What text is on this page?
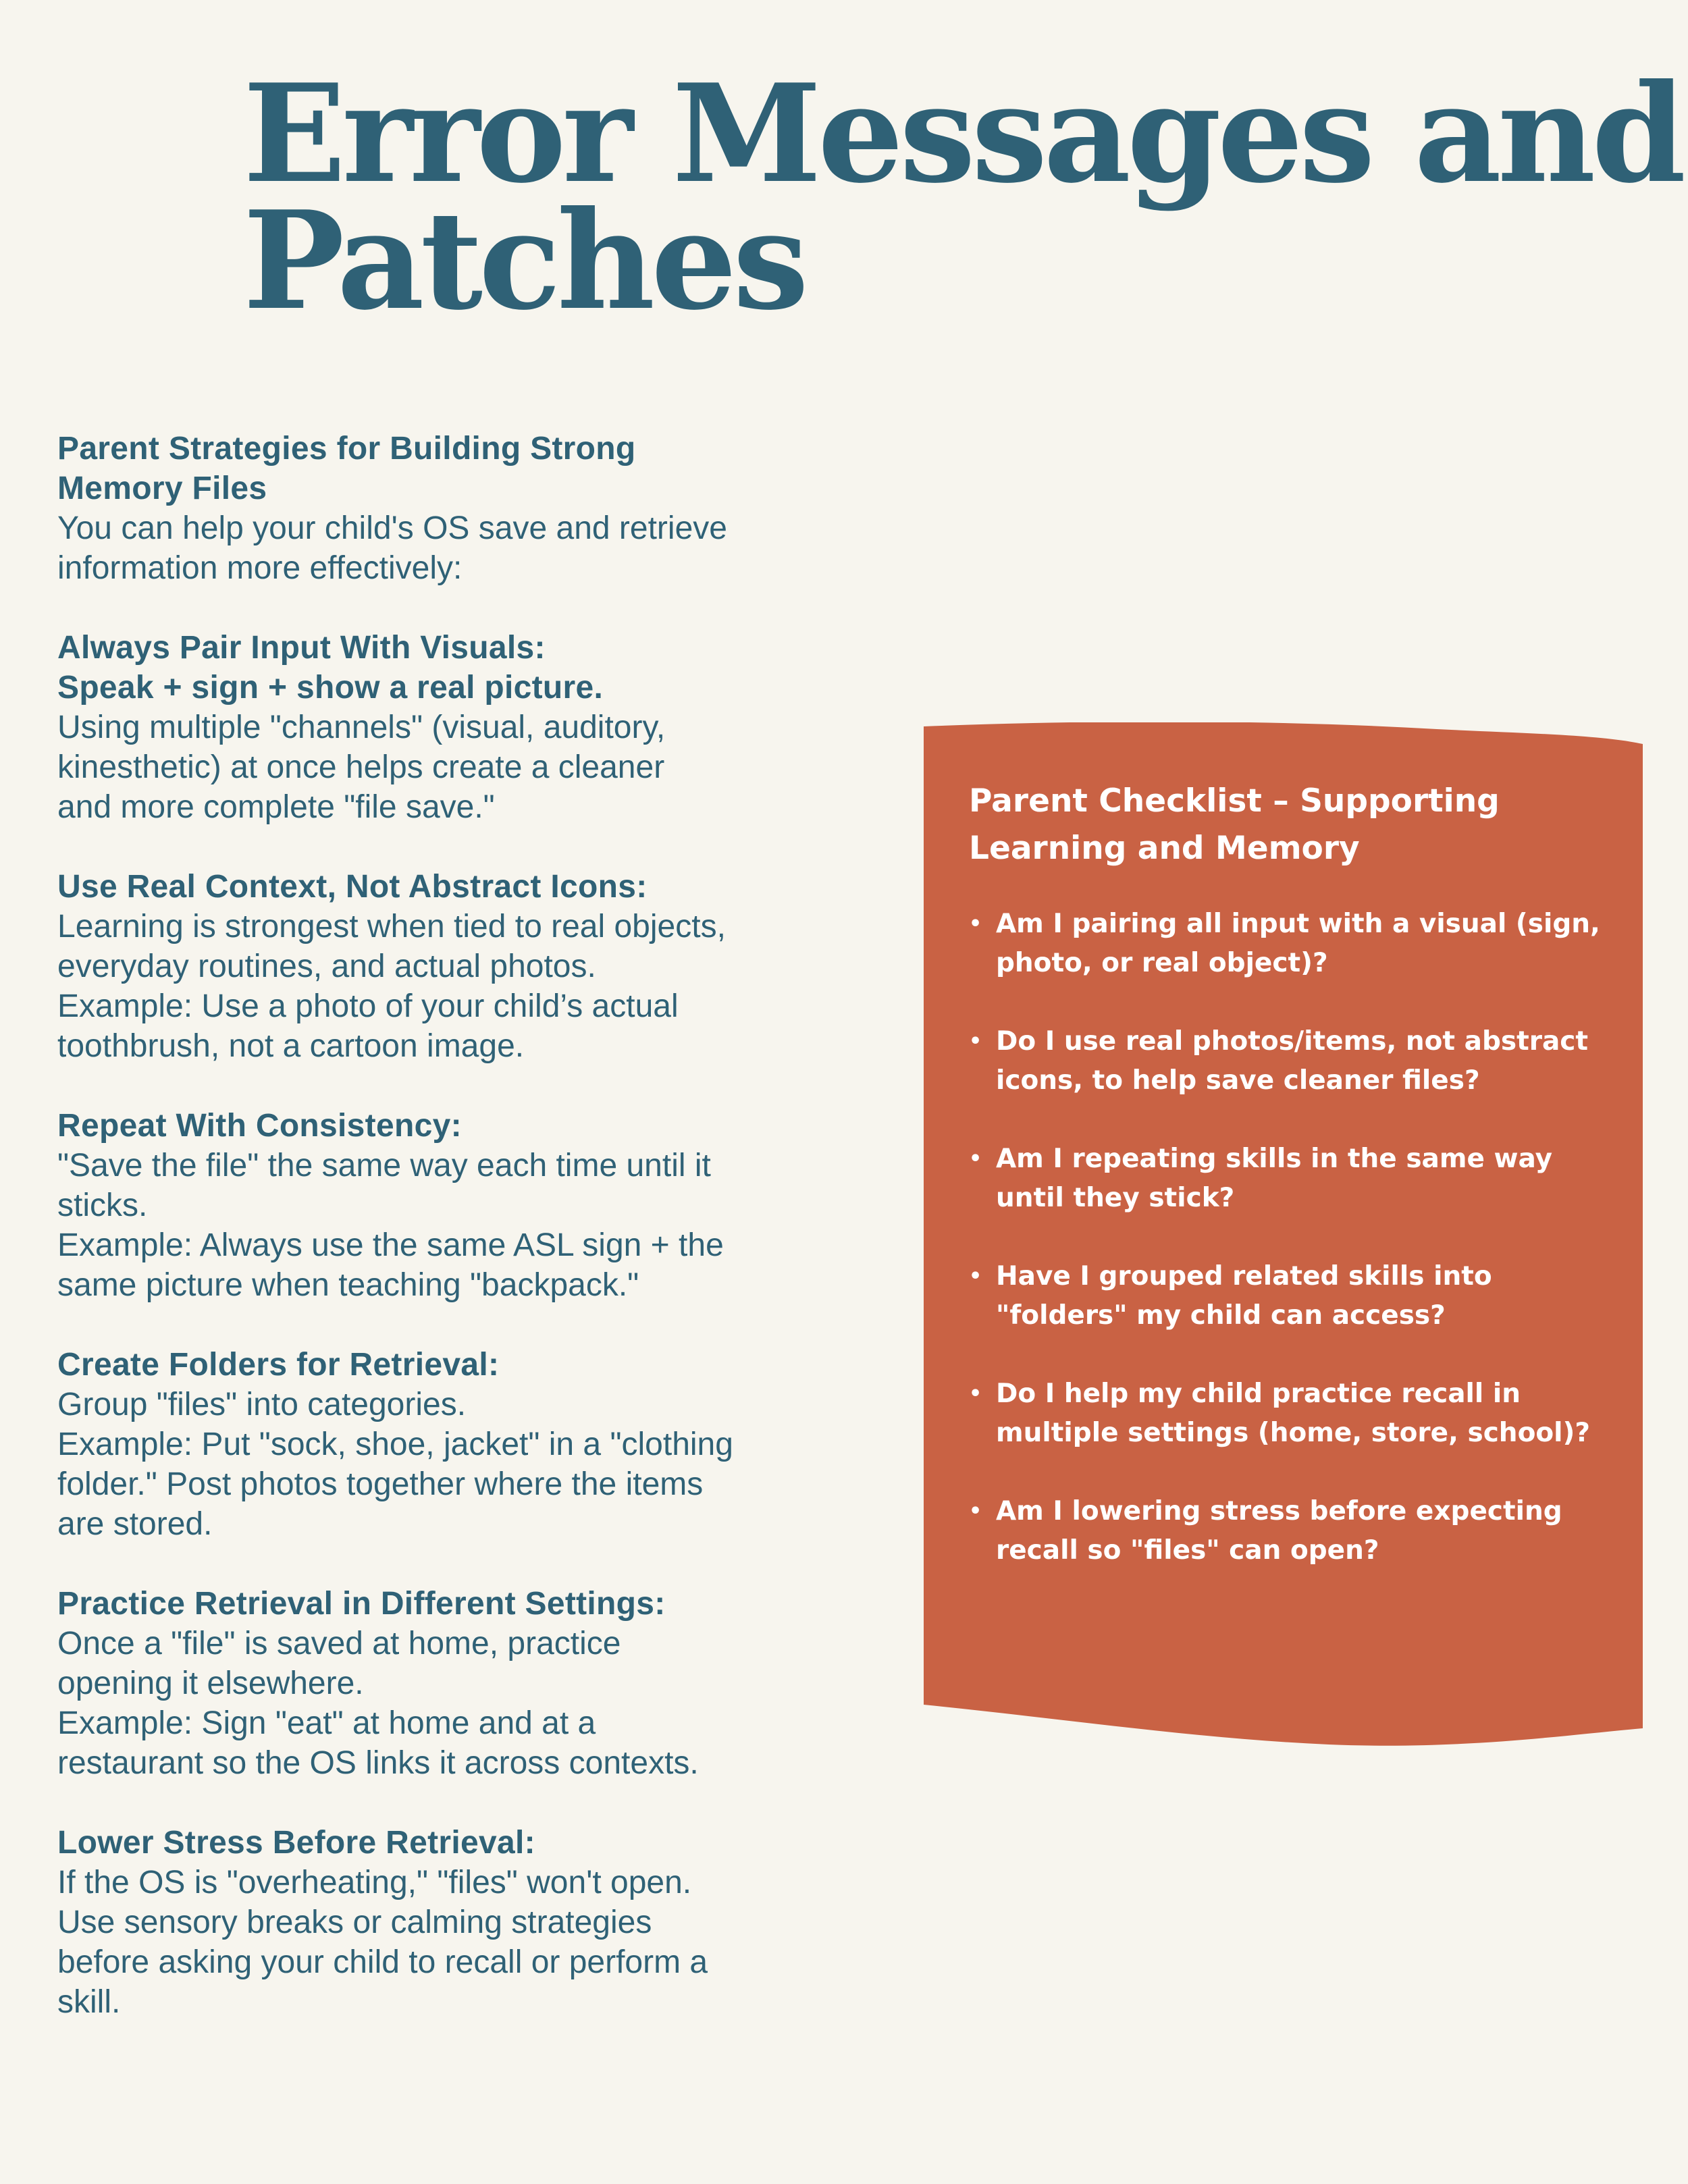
Error Messages and
Patches

Parent Strategies for Building Strong
Memory Files

You can help your child's OS save and retrieve
information more effectively:

Always Pair Input With Visuals:
Speak + sign + show a real picture.
Using multiple "channels" (visual, auditory,
kinesthetic) at once helps create a cleaner
and more complete "file save."
Use Real Context, Not Abstract Icons:
Learning is strongest when tied to real objects,
everyday routines, and actual photos.
Example: Use a photo of your child’s actual
toothbrush, not a cartoon image.
Repeat With Consistency:
"Save the file" the same way each time until it
sticks.
Example: Always use the same ASL sign + the
same picture when teaching "backpack."
Create Folders for Retrieval:
Group "files" into categories.
Example: Put "sock, shoe, jacket" in a "clothing
folder." Post photos together where the items
are stored.
Practice Retrieval in Different Settings:
Once a "file" is saved at home, practice
opening it elsewhere.
Example: Sign "eat" at home and at a
restaurant so the OS links it across contexts.
Lower Stress Before Retrieval:
If the OS is "overheating," "files" won't open.
Use sensory breaks or calming strategies
before asking your child to recall or perform a
skill.

Parent Checklist – Supporting
Learning and Memory

• Am I pairing all input with a visual (sign,
photo, or real object)?
• Do I use real photos/items, not abstract
icons, to help save cleaner files?
• Am I repeating skills in the same way
until they stick?
• Have I grouped related skills into
"folders" my child can access?
• Do I help my child practice recall in
multiple settings (home, store, school)?
• Am I lowering stress before expecting
recall so "files" can open?
